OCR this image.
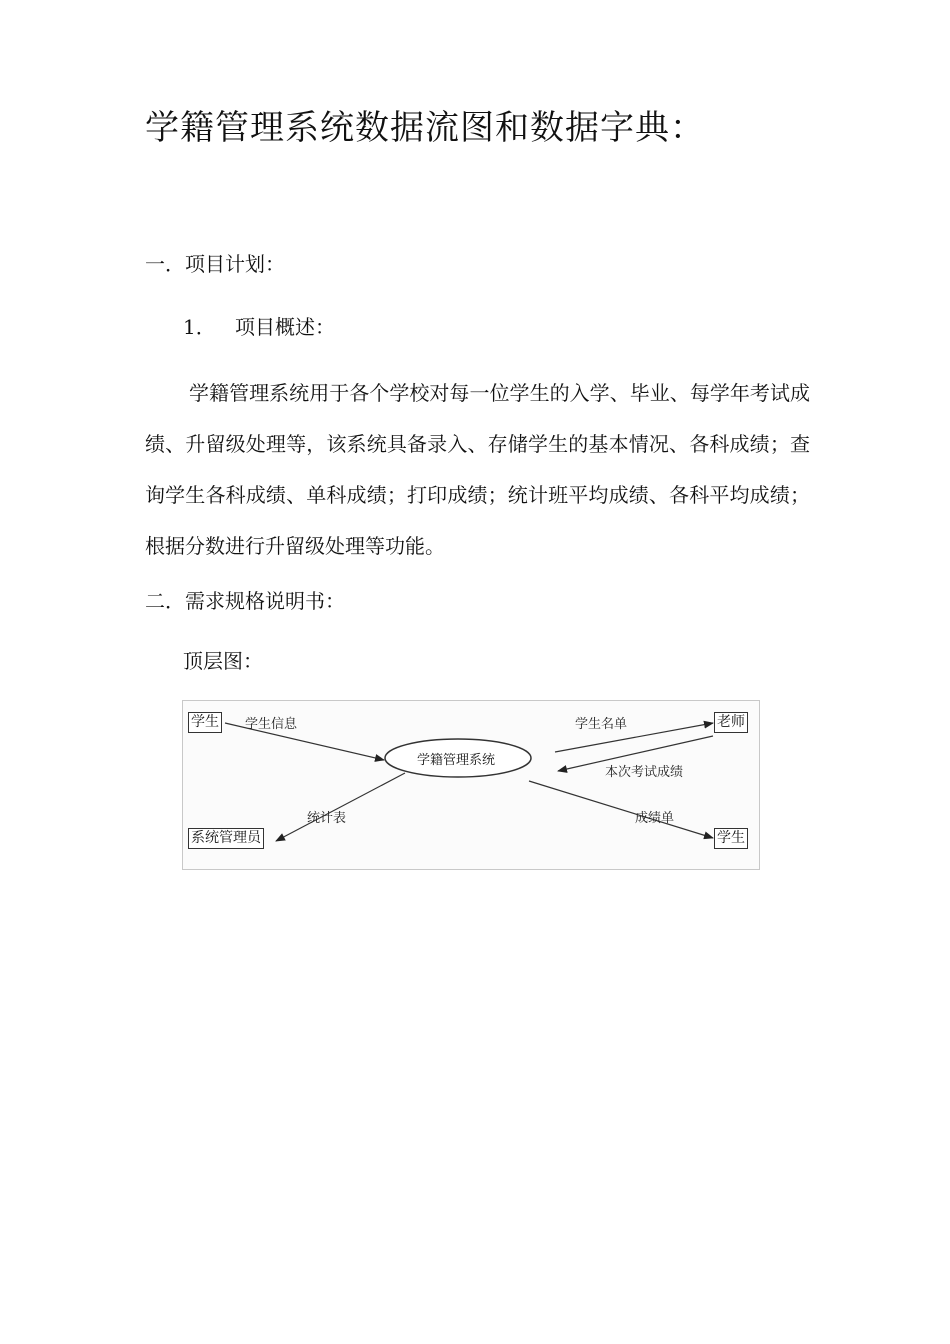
学籍管理系统数据流图和数据字典：

一．项目计划：

1． 项目概述：

学籍管理系统用于各个学校对每一位学生的入学、毕业、每学年考试成绩、升留级处理等，该系统具备录入、存储学生的基本情况、各科成绩；查询学生各科成绩、单科成绩；打印成绩；统计班平均成绩、各科平均成绩；根据分数进行升留级处理等功能。

二．需求规格说明书：

顶层图：

学籍管理系统
学生	老师
系统管理员	学生
学生信息	学生名单
本次考试成绩
统计表	成绩单
